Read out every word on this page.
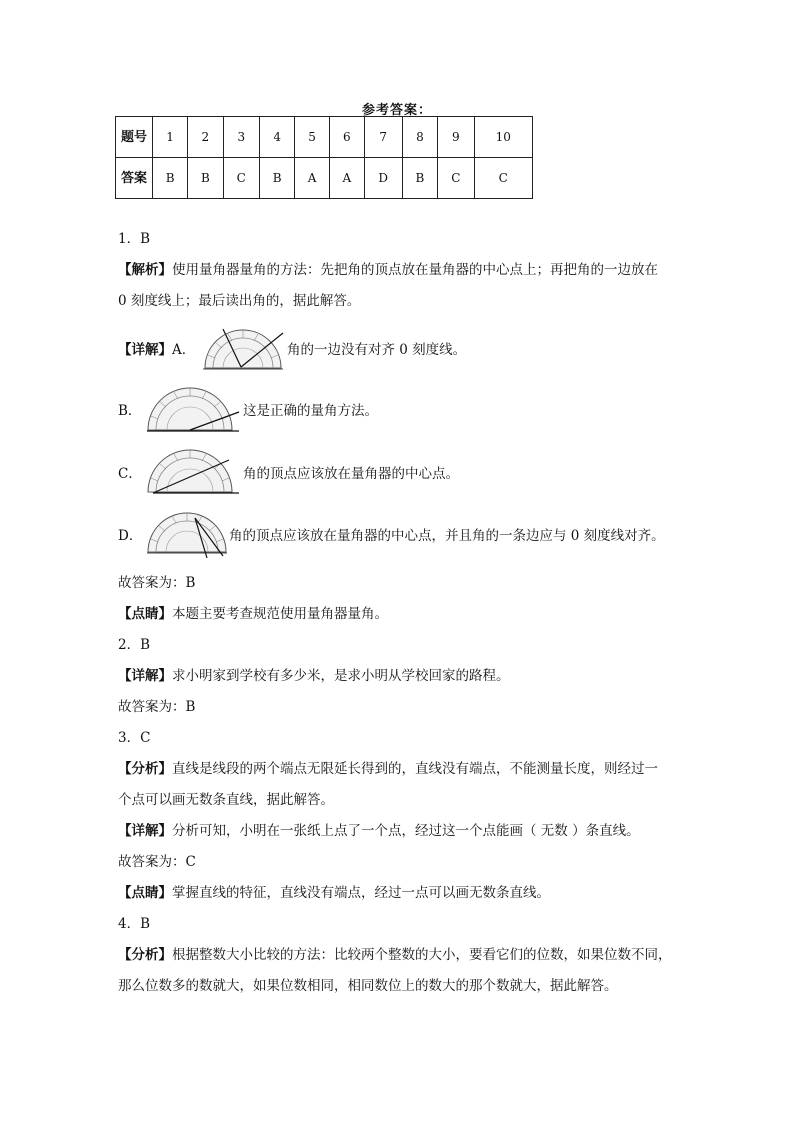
参考答案：
题号	1	2	3	4	5	6	7	8	9	10
答案	B	B	C	B	A	A	D	B	C	C
1．B
【解析】使用量角器量角的方法：先把角的顶点放在量角器的中心点上；再把角的一边放在
0 刻度线上；最后读出角的，据此解答。
【详解】A．	角的一边没有对齐 0 刻度线。
B．	这是正确的量角方法。
C．	角的顶点应该放在量角器的中心点。
D．	角的顶点应该放在量角器的中心点，并且角的一条边应与 0 刻度线对齐。
故答案为：B
【点睛】本题主要考查规范使用量角器量角。
2．B
【详解】求小明家到学校有多少米，是求小明从学校回家的路程。
故答案为：B
3．C
【分析】直线是线段的两个端点无限延长得到的，直线没有端点，不能测量长度，则经过一
个点可以画无数条直线，据此解答。
【详解】分析可知，小明在一张纸上点了一个点，经过这一个点能画（ 无数 ）条直线。
故答案为：C
【点睛】掌握直线的特征，直线没有端点，经过一点可以画无数条直线。
4．B
【分析】根据整数大小比较的方法：比较两个整数的大小，要看它们的位数，如果位数不同，
那么位数多的数就大，如果位数相同，相同数位上的数大的那个数就大，据此解答。
